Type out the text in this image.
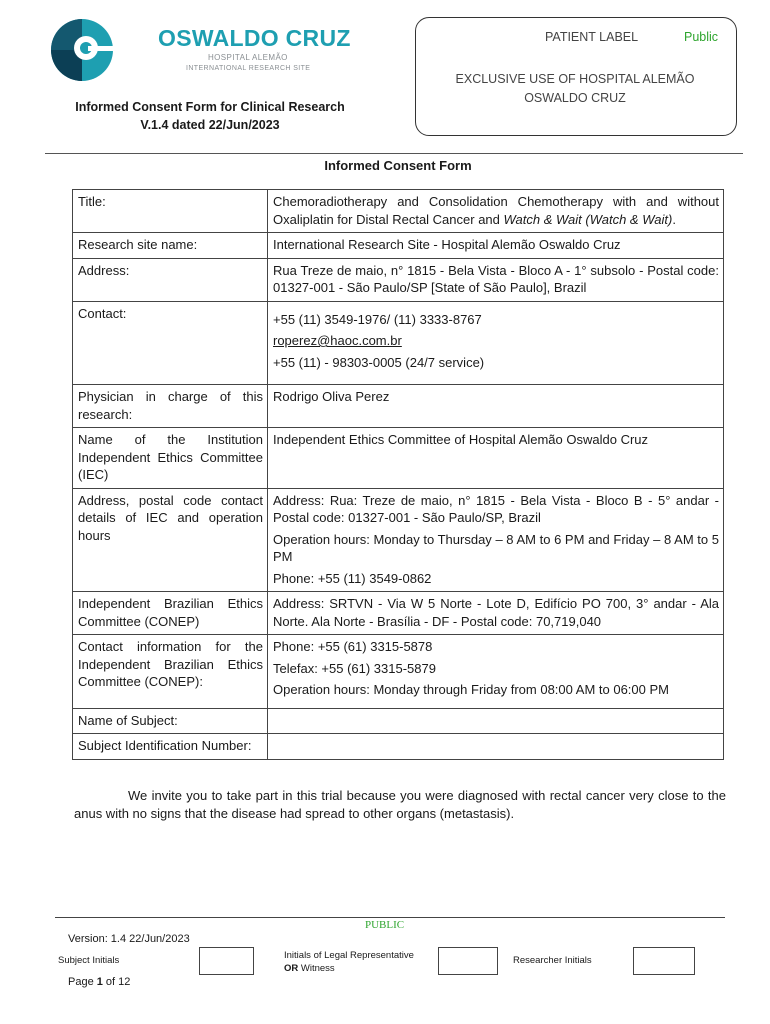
OSWALDO CRUZ
HOSPITAL ALEMÃO
INTERNATIONAL RESEARCH SITE
Informed Consent Form for Clinical Research
V.1.4 dated 22/Jun/2023
PATIENT LABEL	Public
EXCLUSIVE USE OF HOSPITAL ALEMÃO
OSWALDO CRUZ
Informed Consent Form
Title:	Chemoradiotherapy and Consolidation Chemotherapy with and without Oxaliplatin for Distal Rectal Cancer and Watch & Wait (Watch & Wait).
Research site name:	International Research Site - Hospital Alemão Oswaldo Cruz
Address:	Rua Treze de maio, n° 1815 - Bela Vista - Bloco A - 1° subsolo - Postal code: 01327-001 - São Paulo/SP [State of São Paulo], Brazil
Contact:	+55 (11) 3549-1976/ (11) 3333-8767

roperez@haoc.com.br

+55 (11) - 98303-0005 (24/7 service)

Physician in charge of this research:	Rodrigo Oliva Perez
Name of the Institution Independent Ethics Committee (IEC)	Independent Ethics Committee of Hospital Alemão Oswaldo Cruz
Address, postal code contact details of IEC and operation hours	Address: Rua: Treze de maio, n° 1815 - Bela Vista - Bloco B - 5° andar - Postal code: 01327-001 - São Paulo/SP, Brazil

Operation hours: Monday to Thursday – 8 AM to 6 PM and Friday – 8 AM to 5 PM

Phone: +55 (11) 3549-0862

Independent Brazilian Ethics Committee (CONEP)	Address: SRTVN - Via W 5 Norte - Lote D, Edifício PO 700, 3° andar - Ala Norte. Ala Norte - Brasília - DF - Postal code: 70,719,040
Contact information for the Independent Brazilian Ethics Committee (CONEP):	Phone: +55 (61) 3315-5878

Telefax: +55 (61) 3315-5879

Operation hours: Monday through Friday from 08:00 AM to 06:00 PM

Name of Subject:	
Subject Identification Number:	
We invite you to take part in this trial because you were diagnosed with rectal cancer very close to the anus with no signs that the disease had spread to other organs (metastasis).
PUBLIC
Version: 1.4 22/Jun/2023
Subject Initials	Initials of Legal Representative
OR Witness
Researcher Initials
Page 1 of 12
